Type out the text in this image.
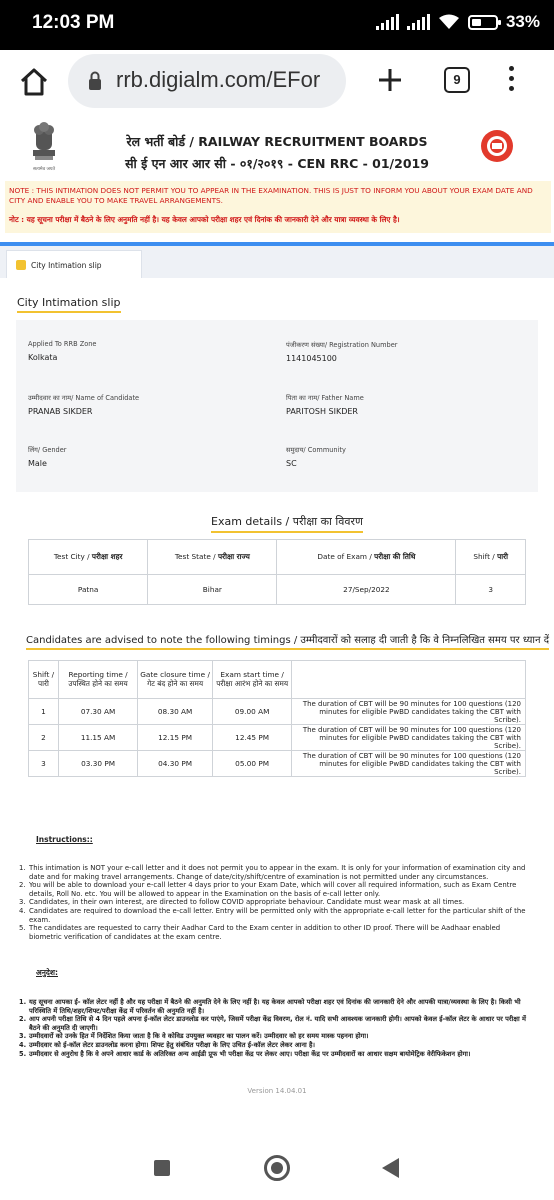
12:03 PM	33%
rrb.digialm.com/EFor	9
सत्यमेव जयते
रेल भर्ती बोर्ड / RAILWAY RECRUITMENT BOARDS
सी ई एन आर आर सी - ०१/२०१९ - CEN RRC - 01/2019
NOTE : THIS INTIMATION DOES NOT PERMIT YOU TO APPEAR IN THE EXAMINATION. THIS IS JUST TO INFORM YOU ABOUT YOUR EXAM DATE AND CITY AND ENABLE YOU TO MAKE TRAVEL ARRANGEMENTS.
नोट : यह सूचना परीक्षा में बैठने के लिए अनुमति नहीं है। यह केवल आपको परीक्षा शहर एवं दिनांक की जानकारी देने और यात्रा व्यवस्था के लिए है।
City Intimation slip
City Intimation slip
Applied To RRB Zone
Kolkata
पंजीकरण संख्या/ Registration Number
1141045100
उम्मीदवार का नाम/ Name of Candidate
PRANAB SIKDER
पिता का नाम/ Father Name
PARITOSH SIKDER
लिंग/ Gender
Male
समुदाय/ Community
SC
Exam details / परीक्षा का विवरण
Test City / परीक्षा शहर	Test State / परीक्षा राज्य	Date of Exam / परीक्षा की तिथि	Shift / पारी
Patna	Bihar	27/Sep/2022	3
Candidates are advised to note the following timings / उम्मीदवारों को सलाह दी जाती है कि वे निम्नलिखित समय पर ध्यान दें
Shift / पारी	Reporting time / उपस्थित होने का समय	Gate closure time / गेट बंद होने का समय	Exam start time / परीक्षा आरंभ होने का समय	
1	07.30 AM	08.30 AM	09.00 AM	The duration of CBT will be 90 minutes for 100 questions (120 minutes for eligible PwBD candidates taking the CBT with Scribe).
2	11.15 AM	12.15 PM	12.45 PM	The duration of CBT will be 90 minutes for 100 questions (120 minutes for eligible PwBD candidates taking the CBT with Scribe).
3	03.30 PM	04.30 PM	05.00 PM	The duration of CBT will be 90 minutes for 100 questions (120 minutes for eligible PwBD candidates taking the CBT with Scribe).
Instructions::
1. This intimation is NOT your e-call letter and it does not permit you to appear in the exam. It is only for your information of examination city and date and for making travel arrangements. Change of date/city/shift/centre of examination is not permitted under any circumstances.
2. You will be able to download your e-call letter 4 days prior to your Exam Date, which will cover all required information, such as Exam Centre details, Roll No. etc. You will be allowed to appear in the Examination on the basis of e-call letter only.
3. Candidates, in their own interest, are directed to follow COVID appropriate behaviour. Candidate must wear mask at all times.
4. Candidates are required to download the e-call letter. Entry will be permitted only with the appropriate e-call letter for the particular shift of the exam.
5. The candidates are requested to carry their Aadhar Card to the Exam center in addition to other ID proof. There will be Aadhaar enabled biometric verification of candidates at the exam centre.
अनुदेश:
1. यह सूचना आपका ई- कॉल लेटर नहीं है और यह परीक्षा में बैठने की अनुमति देने के लिए नहीं है। यह केवल आपको परीक्षा शहर एवं दिनांक की जानकारी देने और आपकी यात्रा/व्यवस्था के लिए है। किसी भी परिस्थिति में तिथि/शहर/शिफ्ट/परीक्षा केंद्र में परिवर्तन की अनुमति नहीं है।
2. आप अपनी परीक्षा तिथि से 4 दिन पहले अपना ई-कॉल लेटर डाउनलोड कर पाएंगे, जिसमें परीक्षा केंद्र विवरण, रोल नं. यादि सभी आवश्यक जानकारी होगी। आपको केवल ई-कॉल लेटर के आधार पर परीक्षा में बैठने की अनुमति दी जाएगी।
3. उम्मीदवारों को उनके हित में निर्देशित किया जाता है कि वे कोविड उपयुक्त व्यवहार का पालन करें। उम्मीदवार को हर समय मास्क पहनना होगा।
4. उम्मीदवार को ई-कॉल लेटर डाउनलोड करना होगा। शिफ्ट हेतु संबंधित परीक्षा के लिए उचित ई-कॉल लेटर लेकर आना है।
5. उम्मीदवार से अनुरोध है कि वे अपने आधार कार्ड के अतिरिक्त अन्य आईडी प्रूफ भी परीक्षा केंद्र पर लेकर आए। परीक्षा केंद्र पर उम्मीदवारों का आधार सक्षम बायोमेट्रिक वेरीफिकेशन होगा।
Version 14.04.01
